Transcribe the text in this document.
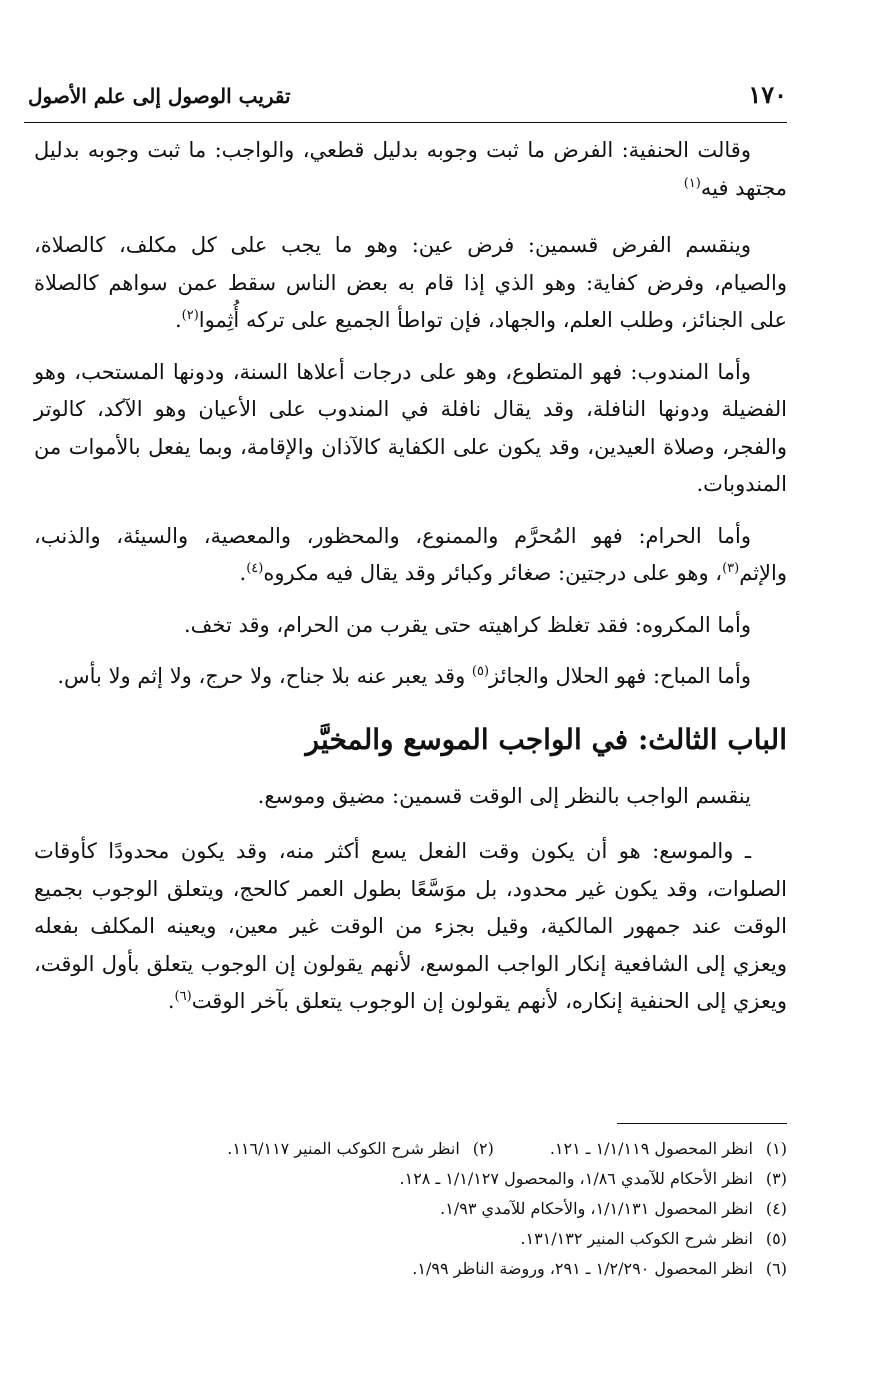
١٧٠
تقريب الوصول إلى علم الأصول

وقالت الحنفية: الفرض ما ثبت وجوبه بدليل قطعي، والواجب: ما ثبت وجوبه بدليل مجتهد فيه$^{(١)}$

وينقسم الفرض قسمين: فرض عين: وهو ما يجب على كل مكلف، كالصلاة، والصيام، وفرض كفاية: وهو الذي إذا قام به بعض الناس سقط عمن سواهم كالصلاة على الجنائز، وطلب العلم، والجهاد، فإن تواطأ الجميع على تركه أُثِموا$^{(٢)}$.

وأما المندوب: فهو المتطوع، وهو على درجات أعلاها السنة، ودونها المستحب، وهو الفضيلة ودونها النافلة، وقد يقال نافلة في المندوب على الأعيان وهو الآكد، كالوتر والفجر، وصلاة العيدين، وقد يكون على الكفاية كالآذان والإقامة، وبما يفعل بالأموات من المندوبات.

وأما الحرام: فهو المُحرَّم والممنوع، والمحظور، والمعصية، والسيئة، والذنب، والإثم$^{(٣)}$، وهو على درجتين: صغائر وكبائر وقد يقال فيه مكروه$^{(٤)}$.

وأما المكروه: فقد تغلظ كراهيته حتى يقرب من الحرام، وقد تخف.

وأما المباح: فهو الحلال والجائز$^{(٥)}$ وقد يعبر عنه بلا جناح، ولا حرج، ولا إثم ولا بأس.

الباب الثالث: في الواجب الموسع والمخيَّر

ينقسم الواجب بالنظر إلى الوقت قسمين: مضيق وموسع.

ـ والموسع: هو أن يكون وقت الفعل يسع أكثر منه، وقد يكون محدودًا كأوقات الصلوات، وقد يكون غير محدود، بل موَسَّعًا بطول العمر كالحج، ويتعلق الوجوب بجميع الوقت عند جمهور المالكية، وقيل بجزء من الوقت غير معين، ويعينه المكلف بفعله ويعزي إلى الشافعية إنكار الواجب الموسع، لأنهم يقولون إن الوجوب يتعلق بأول الوقت، ويعزي إلى الحنفية إنكاره، لأنهم يقولون إن الوجوب يتعلق بآخر الوقت$^{(٦)}$.

(١)
انظر المحصول ١/١/١١٩ ـ ١٢١.
(٢)
انظر شرح الكوكب المنير ١١٦/١١٧.
(٣)
انظر الأحكام للآمدي ١/٨٦، والمحصول ١/١/١٢٧ ـ ١٢٨.
(٤)
انظر المحصول ١/١/١٣١، والأحكام للآمدي ١/٩٣.
(٥)
انظر شرح الكوكب المنير ١٣١/١٣٢.
(٦)
انظر المحصول ١/٢/٢٩٠ ـ ٢٩١، وروضة الناظر ١/٩٩.
